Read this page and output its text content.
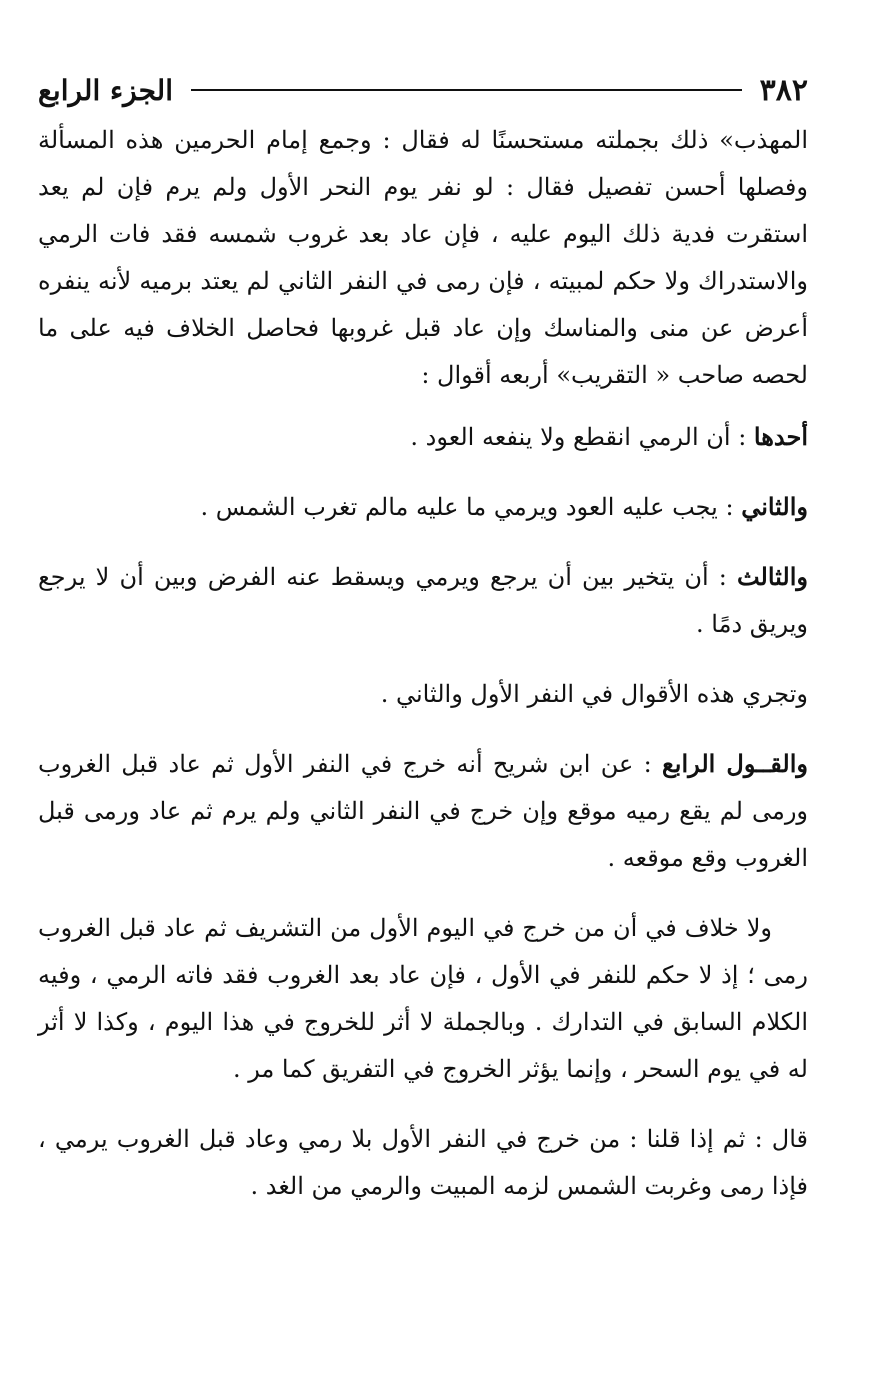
٣٨٢
الجزء الرابع

المهذب» ذلك بجملته مستحسنًا له فقال : وجمع إمام الحرمين هذه المسألة وفصلها أحسن تفصيل فقال : لو نفر يوم النحر الأول ولم يرم فإن لم يعد استقرت فدية ذلك اليوم عليه ، فإن عاد بعد غروب شمسه فقد فات الرمي والاستدراك ولا حكم لمبيته ، فإن رمى في النفر الثاني لم يعتد برميه لأنه ينفره أعرض عن منى والمناسك وإن عاد قبل غروبها فحاصل الخلاف فيه على ما لحصه صاحب « التقريب» أربعه أقوال :

أحدها : أن الرمي انقطع ولا ينفعه العود .

والثاني : يجب عليه العود ويرمي ما عليه مالم تغرب الشمس .

والثالث : أن يتخير بين أن يرجع ويرمي ويسقط عنه الفرض وبين أن لا يرجع ويريق دمًا .

وتجري هذه الأقوال في النفر الأول والثاني .

والقــول الرابع : عن ابن شريح أنه خرج في النفر الأول ثم عاد قبل الغروب ورمى لم يقع رميه موقع وإن خرج في النفر الثاني ولم يرم ثم عاد ورمى قبل الغروب وقع موقعه .

ولا خلاف في أن من خرج في اليوم الأول من التشريف ثم عاد قبل الغروب رمى ؛ إذ لا حكم للنفر في الأول ، فإن عاد بعد الغروب فقد فاته الرمي ، وفيه الكلام السابق في التدارك . وبالجملة لا أثر للخروج في هذا اليوم ، وكذا لا أثر له في يوم السحر ، وإنما يؤثر الخروج في التفريق كما مر .

قال : ثم إذا قلنا : من خرج في النفر الأول بلا رمي وعاد قبل الغروب يرمي ، فإذا رمى وغربت الشمس لزمه المبيت والرمي من الغد .
